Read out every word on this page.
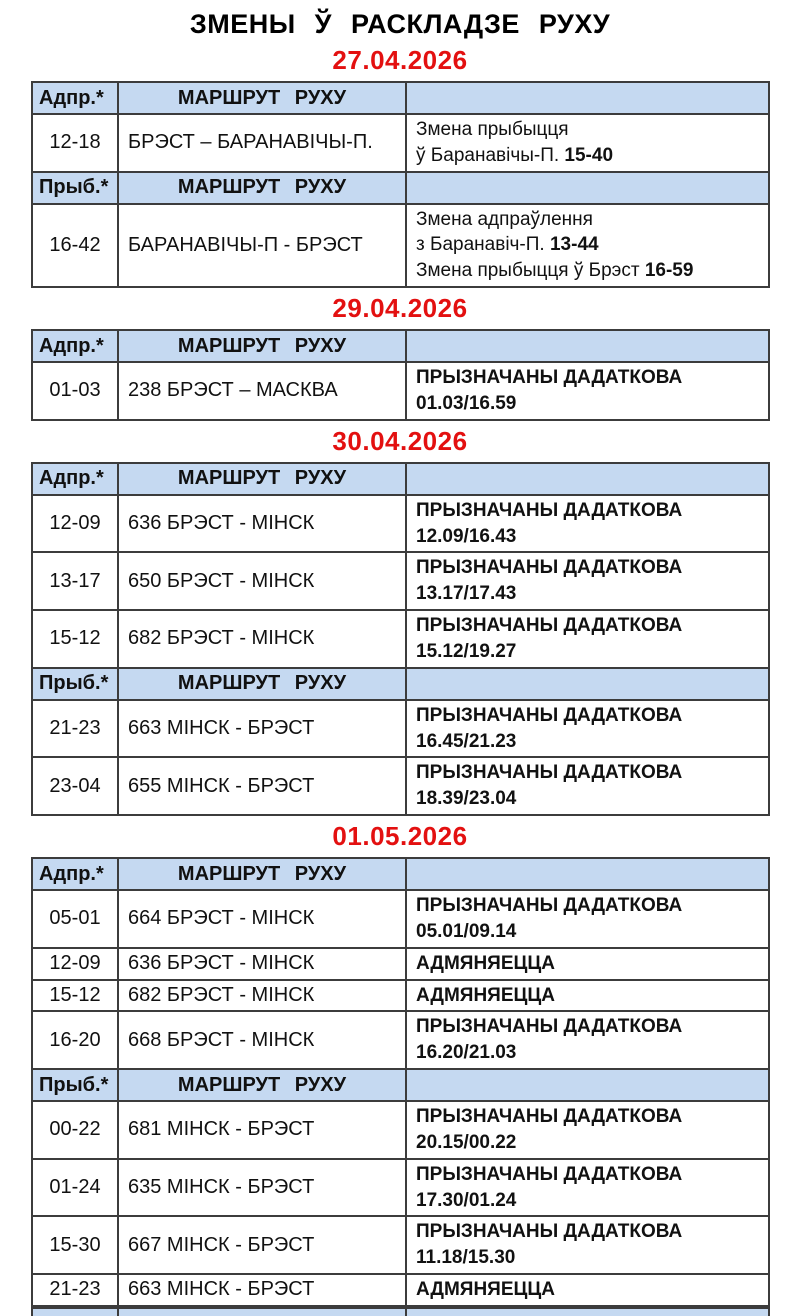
ЗМЕНЫ Ў РАСКЛАДЗЕ РУХУ
27.04.2026
Адпр.*	МАРШРУТ РУХУ	
12-18	БРЭСТ – БАРАНАВІЧЫ-П.	Змена прыбыцця
ў Баранавічы-П. 15-40

Прыб.*	МАРШРУТ РУХУ	
16-42	БАРАНАВІЧЫ-П - БРЭСТ	Змена адпраўлення
з Баранавіч-П. 13-44
Змена прыбыцця ў Брэст 16-59
29.04.2026
Адпр.*	МАРШРУТ РУХУ	
01-03	238 БРЭСТ – МАСКВА	ПРЫЗНАЧАНЫ ДАДАТКОВА
01.03/16.59
30.04.2026
Адпр.*	МАРШРУТ РУХУ	
12-09	636 БРЭСТ - МІНСК	ПРЫЗНАЧАНЫ ДАДАТКОВА
12.09/16.43

13-17	650 БРЭСТ - МІНСК	ПРЫЗНАЧАНЫ ДАДАТКОВА
13.17/17.43

15-12	682 БРЭСТ - МІНСК	ПРЫЗНАЧАНЫ ДАДАТКОВА
15.12/19.27

Прыб.*	МАРШРУТ РУХУ	
21-23	663 МІНСК - БРЭСТ	ПРЫЗНАЧАНЫ ДАДАТКОВА
16.45/21.23

23-04	655 МІНСК - БРЭСТ	ПРЫЗНАЧАНЫ ДАДАТКОВА
18.39/23.04
01.05.2026
Адпр.*	МАРШРУТ РУХУ	
05-01	664 БРЭСТ - МІНСК	ПРЫЗНАЧАНЫ ДАДАТКОВА
05.01/09.14

12-09	636 БРЭСТ - МІНСК	АДМЯНЯЕЦЦА

15-12	682 БРЭСТ - МІНСК	АДМЯНЯЕЦЦА

16-20	668 БРЭСТ - МІНСК	ПРЫЗНАЧАНЫ ДАДАТКОВА
16.20/21.03

Прыб.*	МАРШРУТ РУХУ	
00-22	681 МІНСК - БРЭСТ	ПРЫЗНАЧАНЫ ДАДАТКОВА
20.15/00.22

01-24	635 МІНСК - БРЭСТ	ПРЫЗНАЧАНЫ ДАДАТКОВА
17.30/01.24

15-30	667 МІНСК - БРЭСТ	ПРЫЗНАЧАНЫ ДАДАТКОВА
11.18/15.30

21-23	663 МІНСК - БРЭСТ	АДМЯНЯЕЦЦА
